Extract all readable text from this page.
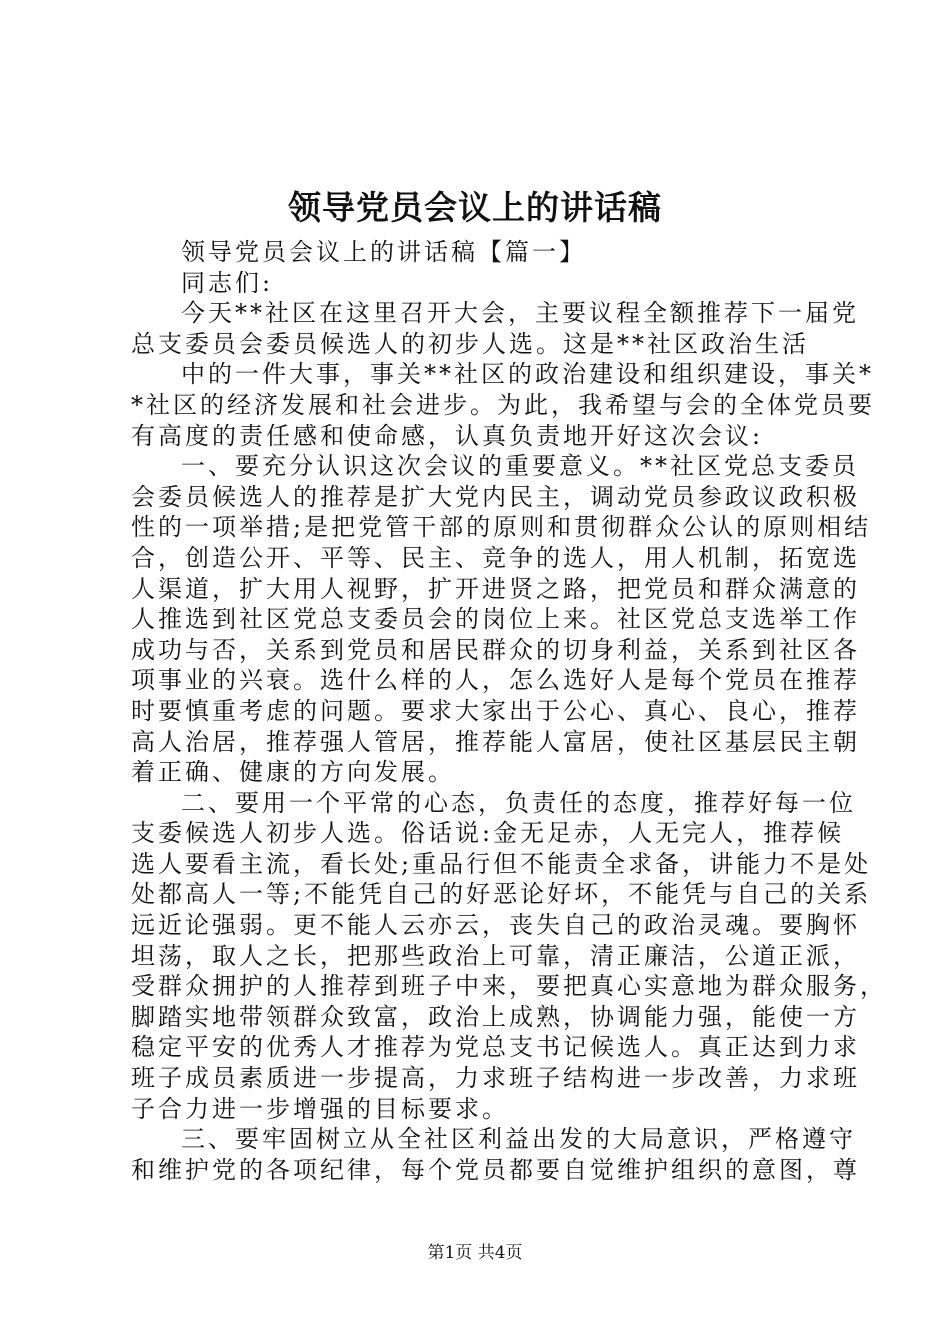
领导党员会议上的讲话稿
领导党员会议上的讲话稿【篇一】
同志们:
今天**社区在这里召开大会，主要议程全额推荐下一届党
总支委员会委员候选人的初步人选。这是**社区政治生活
中的一件大事，事关**社区的政治建设和组织建设，事关*
*社区的经济发展和社会进步。为此，我希望与会的全体党员要
有高度的责任感和使命感，认真负责地开好这次会议:
一、要充分认识这次会议的重要意义。**社区党总支委员
会委员候选人的推荐是扩大党内民主，调动党员参政议政积极
性的一项举措;是把党管干部的原则和贯彻群众公认的原则相结
合，创造公开、平等、民主、竞争的选人，用人机制，拓宽选
人渠道，扩大用人视野，扩开进贤之路，把党员和群众满意的
人推选到社区党总支委员会的岗位上来。社区党总支选举工作
成功与否，关系到党员和居民群众的切身利益，关系到社区各
项事业的兴衰。选什么样的人，怎么选好人是每个党员在推荐
时要慎重考虑的问题。要求大家出于公心、真心、良心，推荐
高人治居，推荐强人管居，推荐能人富居，使社区基层民主朝
着正确、健康的方向发展。
二、要用一个平常的心态，负责任的态度，推荐好每一位
支委候选人初步人选。俗话说:金无足赤，人无完人，推荐候
选人要看主流，看长处;重品行但不能责全求备，讲能力不是处
处都高人一等;不能凭自己的好恶论好坏，不能凭与自己的关系
远近论强弱。更不能人云亦云，丧失自己的政治灵魂。要胸怀
坦荡，取人之长，把那些政治上可靠，清正廉洁，公道正派，
受群众拥护的人推荐到班子中来，要把真心实意地为群众服务，
脚踏实地带领群众致富，政治上成熟，协调能力强，能使一方
稳定平安的优秀人才推荐为党总支书记候选人。真正达到力求
班子成员素质进一步提高，力求班子结构进一步改善，力求班
子合力进一步增强的目标要求。
三、要牢固树立从全社区利益出发的大局意识，严格遵守
和维护党的各项纪律，每个党员都要自觉维护组织的意图，尊
第1页 共4页
